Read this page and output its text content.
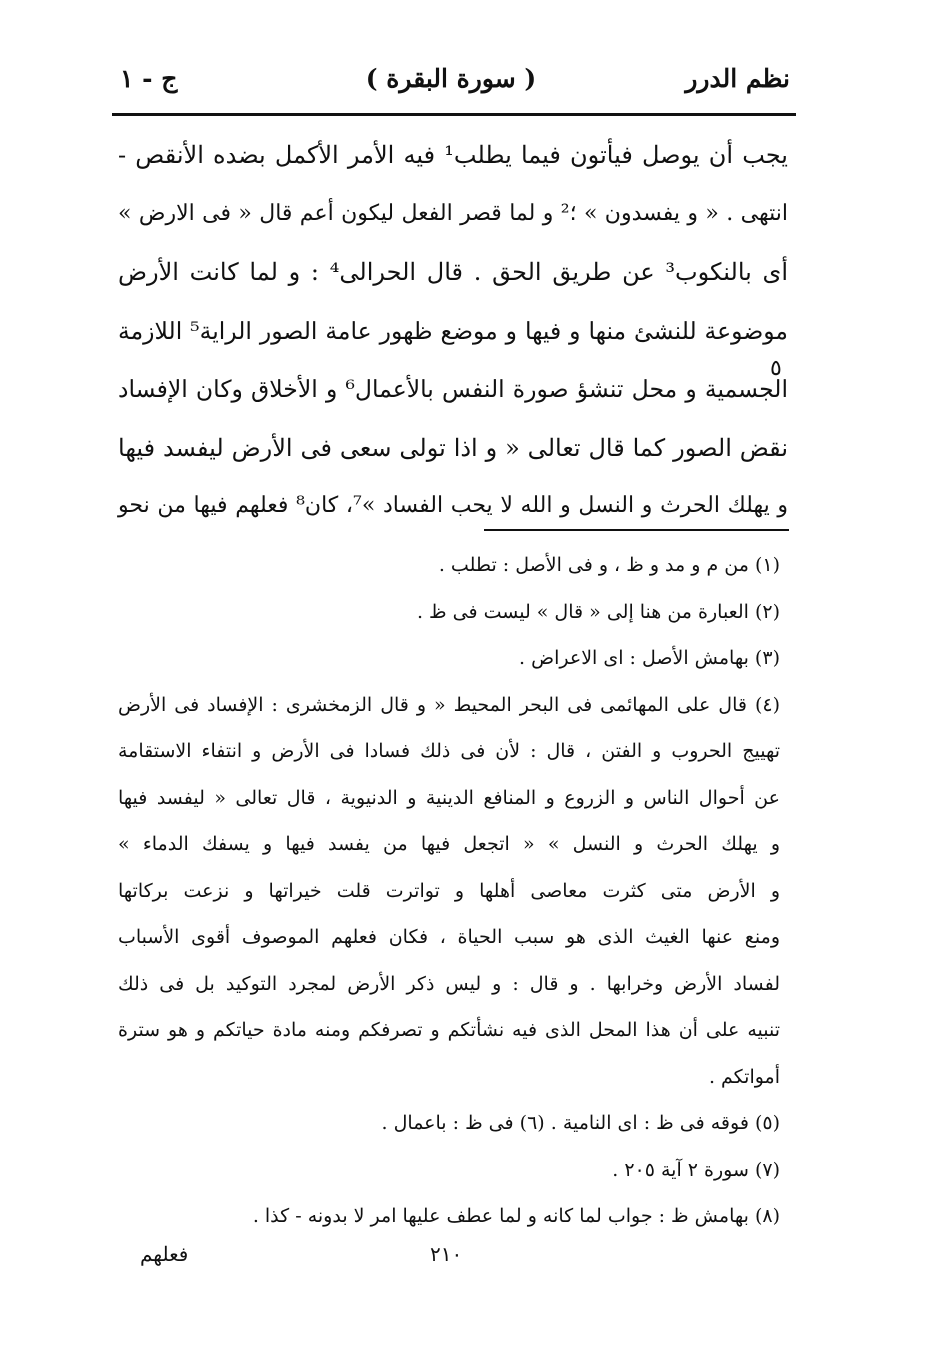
نظم الدرر
( سورة البقرة )
ج - ١
يجب أن يوصل فيأتون فيما يطلب¹ فيه الأمر الأكمل بضده الأنقص -
انتهى . « و يفسدون » ؛² و لما قصر الفعل ليكون أعم قال « فى الارض »
أى بالنكوب³ عن طريق الحق . قال الحرالى⁴ : و لما كانت الأرض
موضوعة للنشئ منها و فيها و موضع ظهور عامة الصور الراية⁵ اللازمة
الجسمية و محل تنشؤ صورة النفس بالأعمال⁶ و الأخلاق وكان الإفساد
نقض الصور كما قال تعالى « و اذا تولى سعى فى الأرض ليفسد فيها
و يهلك الحرث و النسل و الله لا يحب الفساد »⁷، كان⁸ فعلهم فيها من نحو
٥
(١) من م و مد و ظ ، و فى الأصل : تطلب .
(٢) العبارة من هنا إلى « قال » ليست فى ظ .
(٣) بهامش الأصل : اى الاعراض .
(٤) قال على المهائمى فى البحر المحيط « و قال الزمخشرى : الإفساد فى الأرض
تهييج الحروب و الفتن ، قال : لأن فى ذلك فسادا فى الأرض و انتفاء الاستقامة
عن أحوال الناس و الزروع و المنافع الدينية و الدنيوية ، قال تعالى « ليفسد فيها
و يهلك الحرث و النسل » « اتجعل فيها من يفسد فيها و يسفك الدماء »
و الأرض متى كثرت معاصى أهلها و تواترت قلت خيراتها و نزعت بركاتها
ومنع عنها الغيث الذى هو سبب الحياة ، فكان فعلهم الموصوف أقوى الأسباب
لفساد الأرض وخرابها . و قال : و ليس ذكر الأرض لمجرد التوكيد بل فى ذلك
تنبيه على أن هذا المحل الذى فيه نشأتكم و تصرفكم ومنه مادة حياتكم و هو سترة
أمواتكم .
(٥) فوقه فى ظ : اى النامية . (٦) فى ظ : باعمال .
(٧) سورة ٢ آية ٢٠٥ .
(٨) بهامش ظ : جواب لما كانه و لما عطف عليها امر لا بدونه - كذا .
٢١٠
فعلهم
